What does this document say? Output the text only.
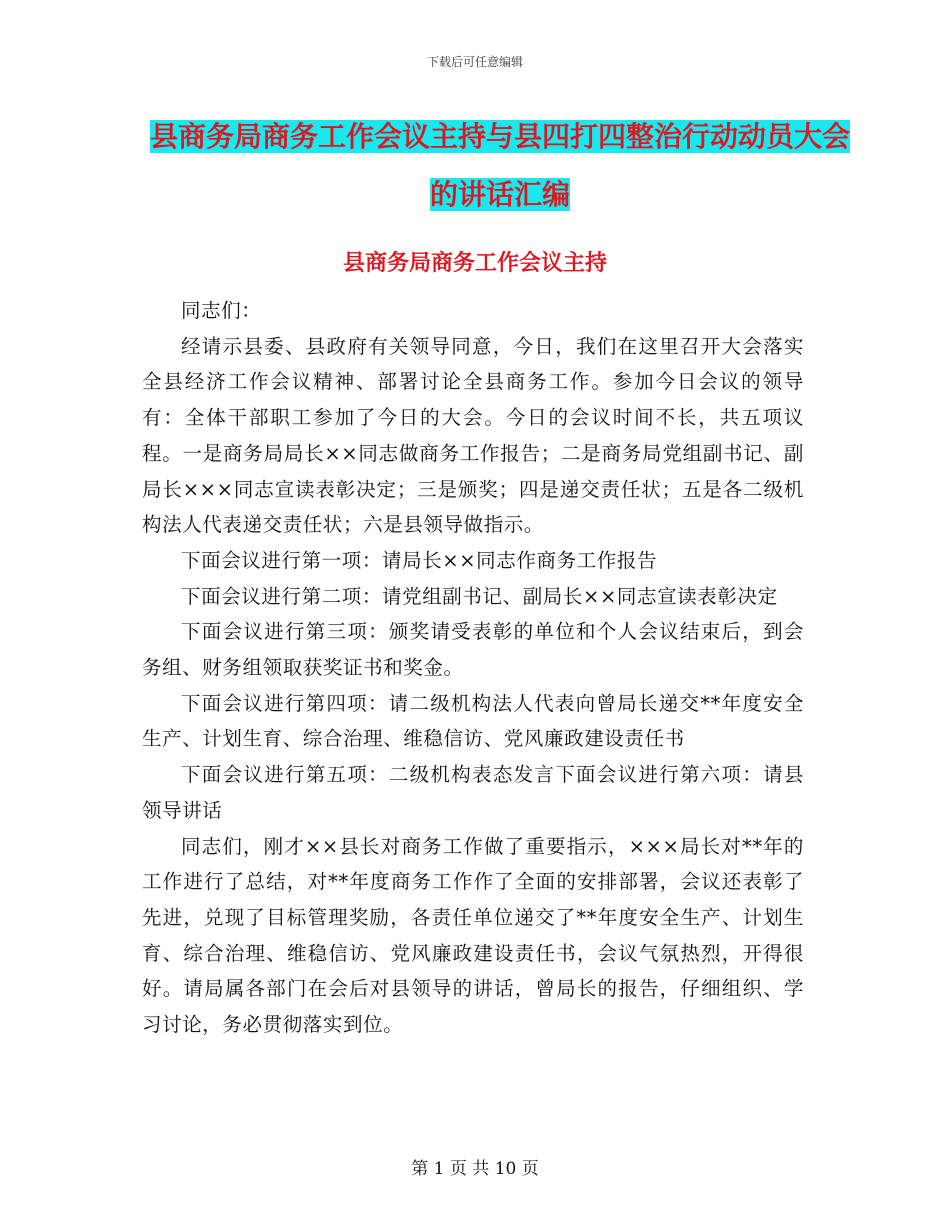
下载后可任意编辑
县商务局商务工作会议主持与县四打四整治行动动员大会的讲话汇编
县商务局商务工作会议主持

同志们：

经请示县委、县政府有关领导同意，今日，我们在这里召开大会落实全县经济工作会议精神、部署讨论全县商务工作。参加今日会议的领导有：全体干部职工参加了今日的大会。今日的会议时间不长，共五项议程。一是商务局局长××同志做商务工作报告；二是商务局党组副书记、副局长×××同志宣读表彰决定；三是颁奖；四是递交责任状；五是各二级机构法人代表递交责任状；六是县领导做指示。

下面会议进行第一项：请局长××同志作商务工作报告

下面会议进行第二项：请党组副书记、副局长××同志宣读表彰决定

下面会议进行第三项：颁奖请受表彰的单位和个人会议结束后，到会务组、财务组领取获奖证书和奖金。

下面会议进行第四项：请二级机构法人代表向曾局长递交**年度安全生产、计划生育、综合治理、维稳信访、党风廉政建设责任书

下面会议进行第五项：二级机构表态发言下面会议进行第六项：请县领导讲话

同志们，刚才××县长对商务工作做了重要指示，×××局长对**年的工作进行了总结，对**年度商务工作作了全面的安排部署，会议还表彰了先进，兑现了目标管理奖励，各责任单位递交了**年度安全生产、计划生育、综合治理、维稳信访、党风廉政建设责任书，会议气氛热烈，开得很好。请局属各部门在会后对县领导的讲话，曾局长的报告，仔细组织、学习讨论，务必贯彻落实到位。

第 1 页 共 10 页
